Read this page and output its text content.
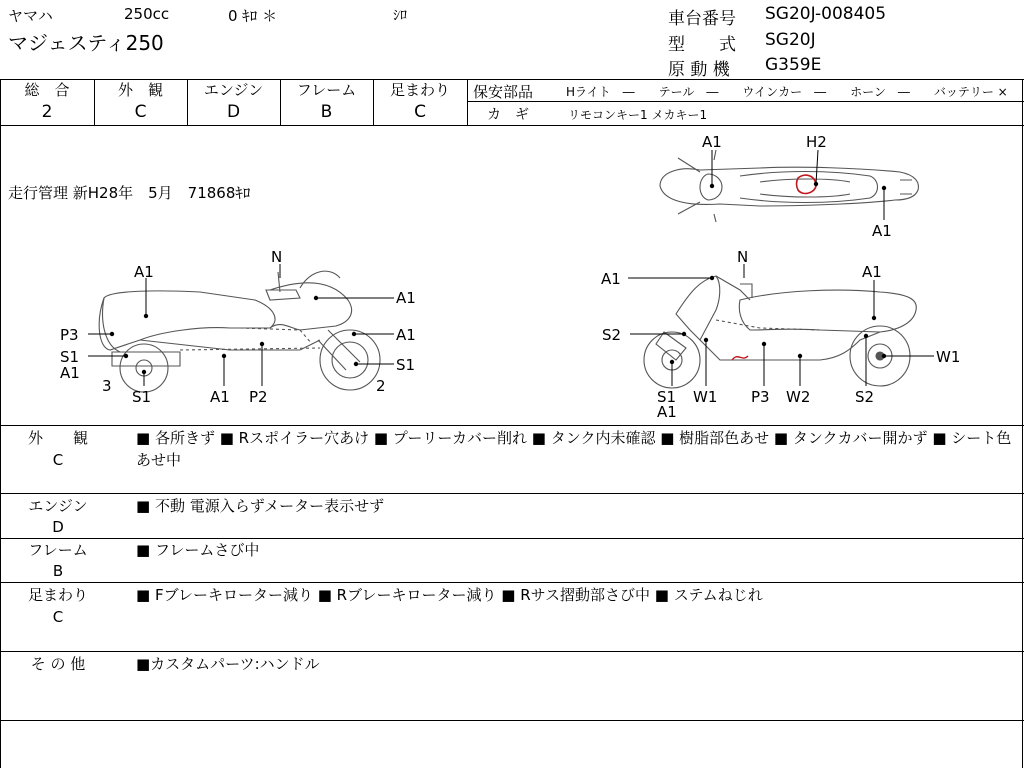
ヤマハ	250cc	0 ｷﾛ ＊	ｼﾛ
マジェスティ250
車台番号 SG20J-008405
型　　式 SG20J
原 動 機 G359E
総　合
2
外　観
C
エンジン
D
フレーム
B
足まわり
C
保安部品	Hライト　―　　テール　―　　ウインカー　―　　ホーン　―　　バッテリー ×
カ　ギ	リモコンキー1 メカキー1
走行管理 新H28年　5月　71868ｷﾛ
A1	H2
A1
N
A1
A1
A1
P3
S1
A1
3
S1	A1 P2
S1
2
N
A1	A1
S2
W1
S1
A1
W1 P3 W2	S2
外　　観
C
■ 各所きず ■ Rスポイラー穴あけ ■ プーリーカバー削れ ■ タンク内未確認 ■ 樹脂部色あせ ■ タンクカバー開かず ■ シート色あせ中
エンジン
D
■ 不動 電源入らずメーター表示せず
フレーム
B
■ フレームさび中
足まわり
C
■ Fブレーキローター減り ■ Rブレーキローター減り ■ Rサス摺動部さび中 ■ ステムねじれ
そ の 他	■カスタムパーツ:ハンドル
